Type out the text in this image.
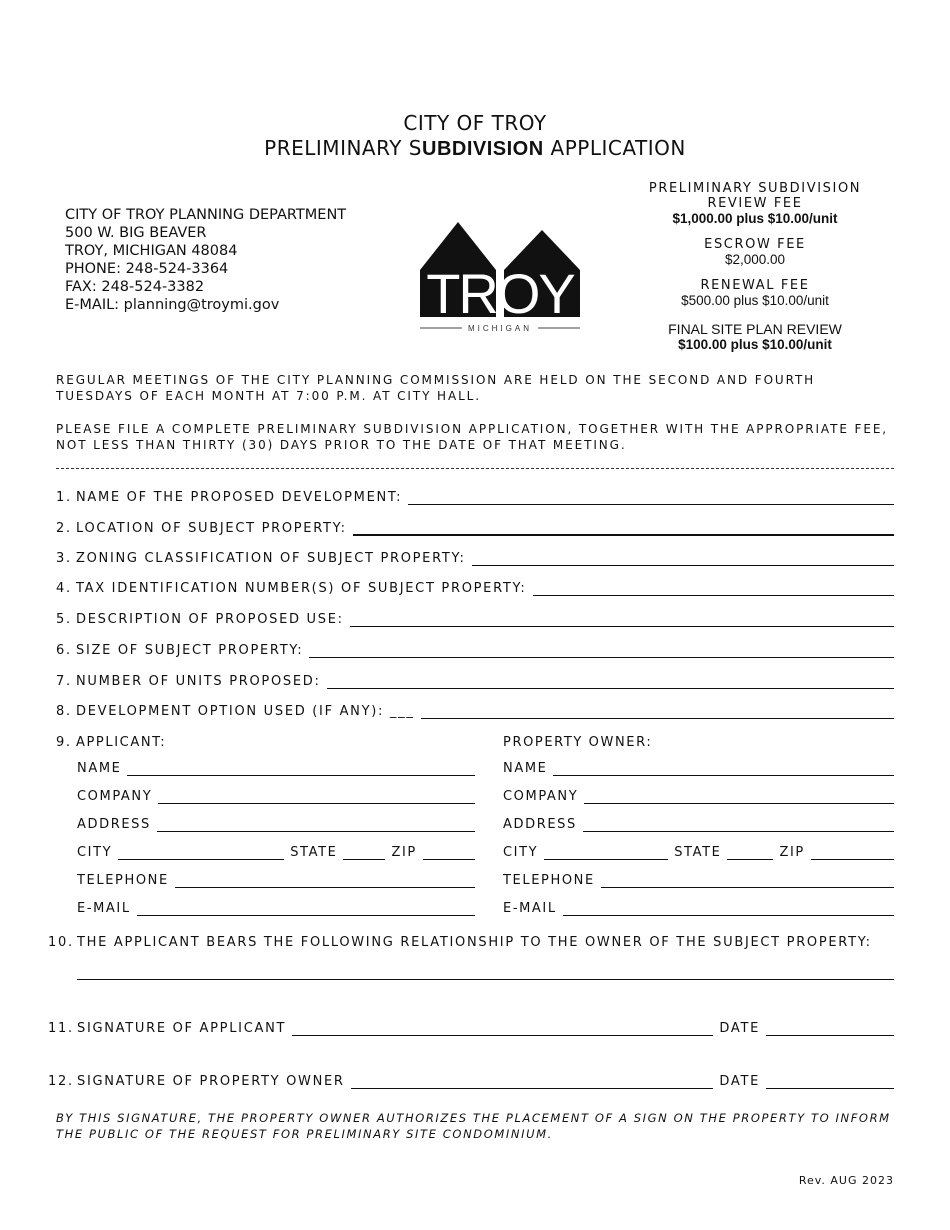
CITY OF TROY
PRELIMINARY SUBDIVISION APPLICATION
CITY OF TROY PLANNING DEPARTMENT
500 W. BIG BEAVER
TROY, MICHIGAN 48084
PHONE: 248-524-3364
FAX: 248-524-3382
E-MAIL: planning@troymi.gov	TROY
MICHIGAN
PRELIMINARY SUBDIVISION
REVIEW FEE
$1,000.00 plus $10.00/unit
ESCROW FEE
$2,000.00
RENEWAL FEE
$500.00 plus $10.00/unit
FINAL SITE PLAN REVIEW
$100.00 plus $10.00/unit
REGULAR MEETINGS OF THE CITY PLANNING COMMISSION ARE HELD ON THE SECOND AND FOURTH TUESDAYS OF EACH MONTH AT 7:00 P.M. AT CITY HALL.
PLEASE FILE A COMPLETE PRELIMINARY SUBDIVISION APPLICATION, TOGETHER WITH THE APPROPRIATE FEE, NOT LESS THAN THIRTY (30) DAYS PRIOR TO THE DATE OF THAT MEETING.
1. NAME OF THE PROPOSED DEVELOPMENT:
2. LOCATION OF SUBJECT PROPERTY:
3. ZONING CLASSIFICATION OF SUBJECT PROPERTY:
4. TAX IDENTIFICATION NUMBER(S) OF SUBJECT PROPERTY:
5. DESCRIPTION OF PROPOSED USE:
6. SIZE OF SUBJECT PROPERTY:
7. NUMBER OF UNITS PROPOSED:
8. DEVELOPMENT OPTION USED (IF ANY): ___
9. APPLICANT:	PROPERTY OWNER:
NAME
COMPANY
ADDRESS
CITY	STATE	ZIP
TELEPHONE
E-MAIL
NAME
COMPANY
ADDRESS
CITY	STATE	ZIP
TELEPHONE
E-MAIL
10. THE APPLICANT BEARS THE FOLLOWING RELATIONSHIP TO THE OWNER OF THE SUBJECT PROPERTY:
11. SIGNATURE OF APPLICANT	DATE
12. SIGNATURE OF PROPERTY OWNER	DATE
BY THIS SIGNATURE, THE PROPERTY OWNER AUTHORIZES THE PLACEMENT OF A SIGN ON THE PROPERTY TO INFORM THE PUBLIC OF THE REQUEST FOR PRELIMINARY SITE CONDOMINIUM.
Rev. AUG 2023
